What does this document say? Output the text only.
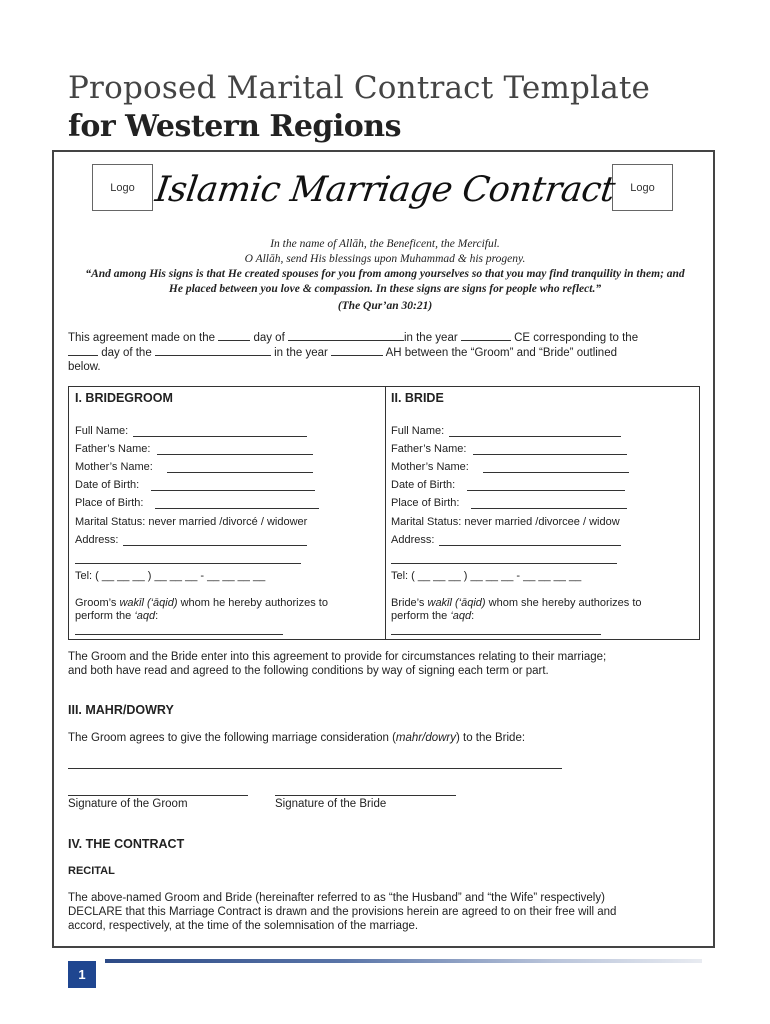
Proposed Marital Contract Template
for Western Regions
Logo	Logo
Islamic Marriage Contract
In the name of Allāh, the Beneficent, the Merciful.
O Allāh, send His blessings upon Muhammad & his progeny.
“And among His signs is that He created spouses for you from among yourselves so that you may find tranquility in them; and
He placed between you love & compassion. In these signs are signs for people who reflect.”
(The Qur’an 30:21)
This agreement made on the	day of	in the year	CE corresponding to the
day of the	in the year	AH between the “Groom” and “Bride” outlined
below.
I. BRIDEGROOM
Full Name:
Father’s Name:
Mother’s Name:
Date of Birth:
Place of Birth:
Marital Status: never married /divorcé / widower
Address:
Tel: ( __ __ __ ) __ __ __ - __ __ __ __
Groom’s wakīl (‘āqid) whom he hereby authorizes to
perform the ‘aqd:
II. BRIDE
Full Name:
Father’s Name:
Mother’s Name:
Date of Birth:
Place of Birth:
Marital Status: never married /divorcee / widow
Address:
Tel: ( __ __ __ ) __ __ __ - __ __ __ __
Bride’s wakīl (‘āqid) whom she hereby authorizes to
perform the ‘aqd:
The Groom and the Bride enter into this agreement to provide for circumstances relating to their marriage;
and both have read and agreed to the following conditions by way of signing each term or part.
III. MAHR/DOWRY
The Groom agrees to give the following marriage consideration (mahr/dowry) to the Bride:
Signature of the Groom	Signature of the Bride
IV. THE CONTRACT
RECITAL
The above-named Groom and Bride (hereinafter referred to as “the Husband” and “the Wife” respectively)
DECLARE that this Marriage Contract is drawn and the provisions herein are agreed to on their free will and
accord, respectively, at the time of the solemnisation of the marriage.
1
